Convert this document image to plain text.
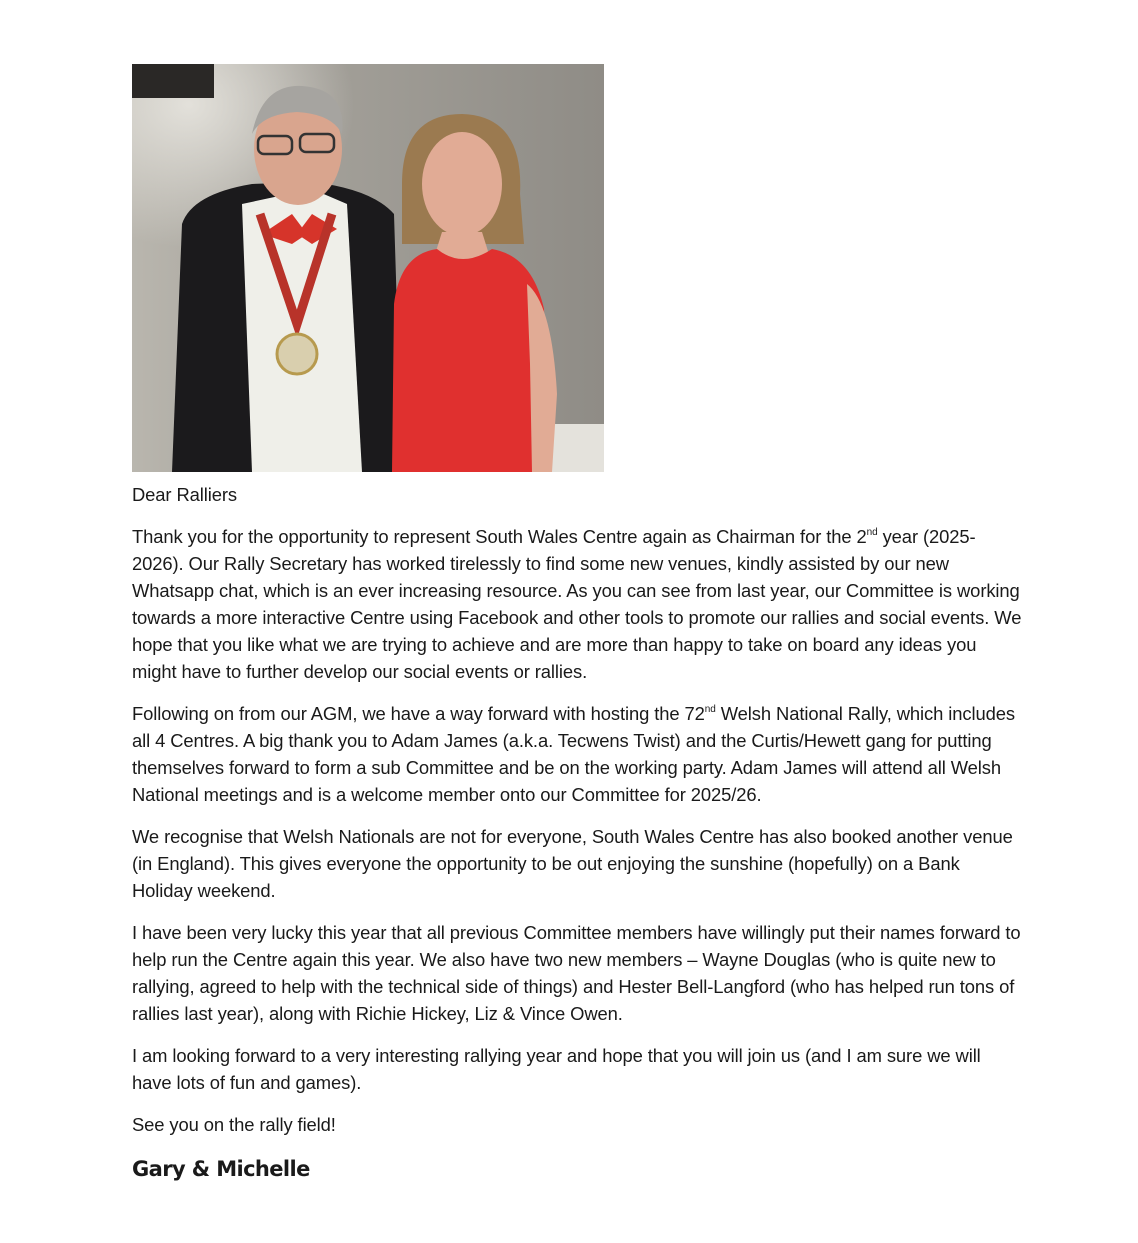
Dear Ralliers

Thank you for the opportunity to represent South Wales Centre again as Chairman for the 2nd year (2025-2026). Our Rally Secretary has worked tirelessly to find some new venues, kindly assisted by our new Whatsapp chat, which is an ever increasing resource. As you can see from last year, our Committee is working towards a more interactive Centre using Facebook and other tools to promote our rallies and social events. We hope that you like what we are trying to achieve and are more than happy to take on board any ideas you might have to further develop our social events or rallies.

Following on from our AGM, we have a way forward with hosting the 72nd Welsh National Rally, which includes all 4 Centres. A big thank you to Adam James (a.k.a. Tecwens Twist) and the Curtis/Hewett gang for putting themselves forward to form a sub Committee and be on the working party. Adam James will attend all Welsh National meetings and is a welcome member onto our Committee for 2025/26.

We recognise that Welsh Nationals are not for everyone, South Wales Centre has also booked another venue (in England). This gives everyone the opportunity to be out enjoying the sunshine (hopefully) on a Bank Holiday weekend.

I have been very lucky this year that all previous Committee members have willingly put their names forward to help run the Centre again this year. We also have two new members – Wayne Douglas (who is quite new to rallying, agreed to help with the technical side of things) and Hester Bell-Langford (who has helped run tons of rallies last year), along with Richie Hickey, Liz & Vince Owen.

I am looking forward to a very interesting rallying year and hope that you will join us (and I am sure we will have lots of fun and games).

See you on the rally field!

Gary & Michelle
